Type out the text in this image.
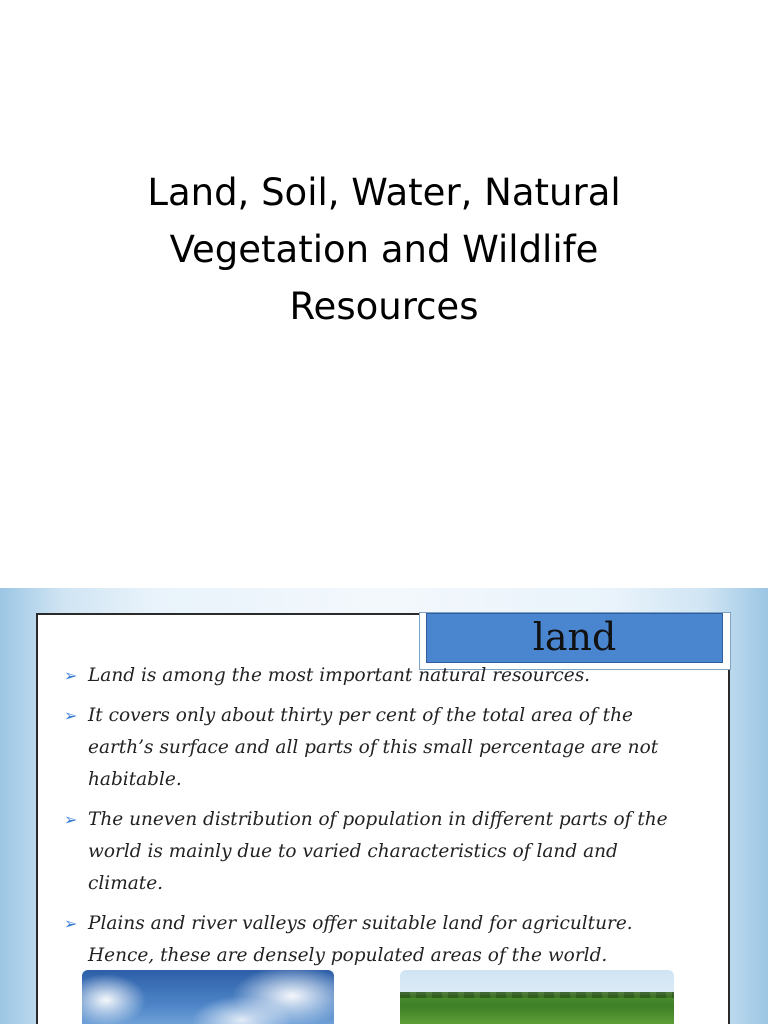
Land, Soil, Water, Natural Vegetation and Wildlife Resources
land
➢ Land is among the most important natural resources.
➢ It covers only about thirty per cent of the total area of the earth’s surface and all parts of this small percentage are not habitable.
➢ The uneven distribution of population in different parts of the world is mainly due to varied characteristics of land and climate.
➢ Plains and river valleys offer suitable land for agriculture. Hence, these are densely populated areas of the world.
